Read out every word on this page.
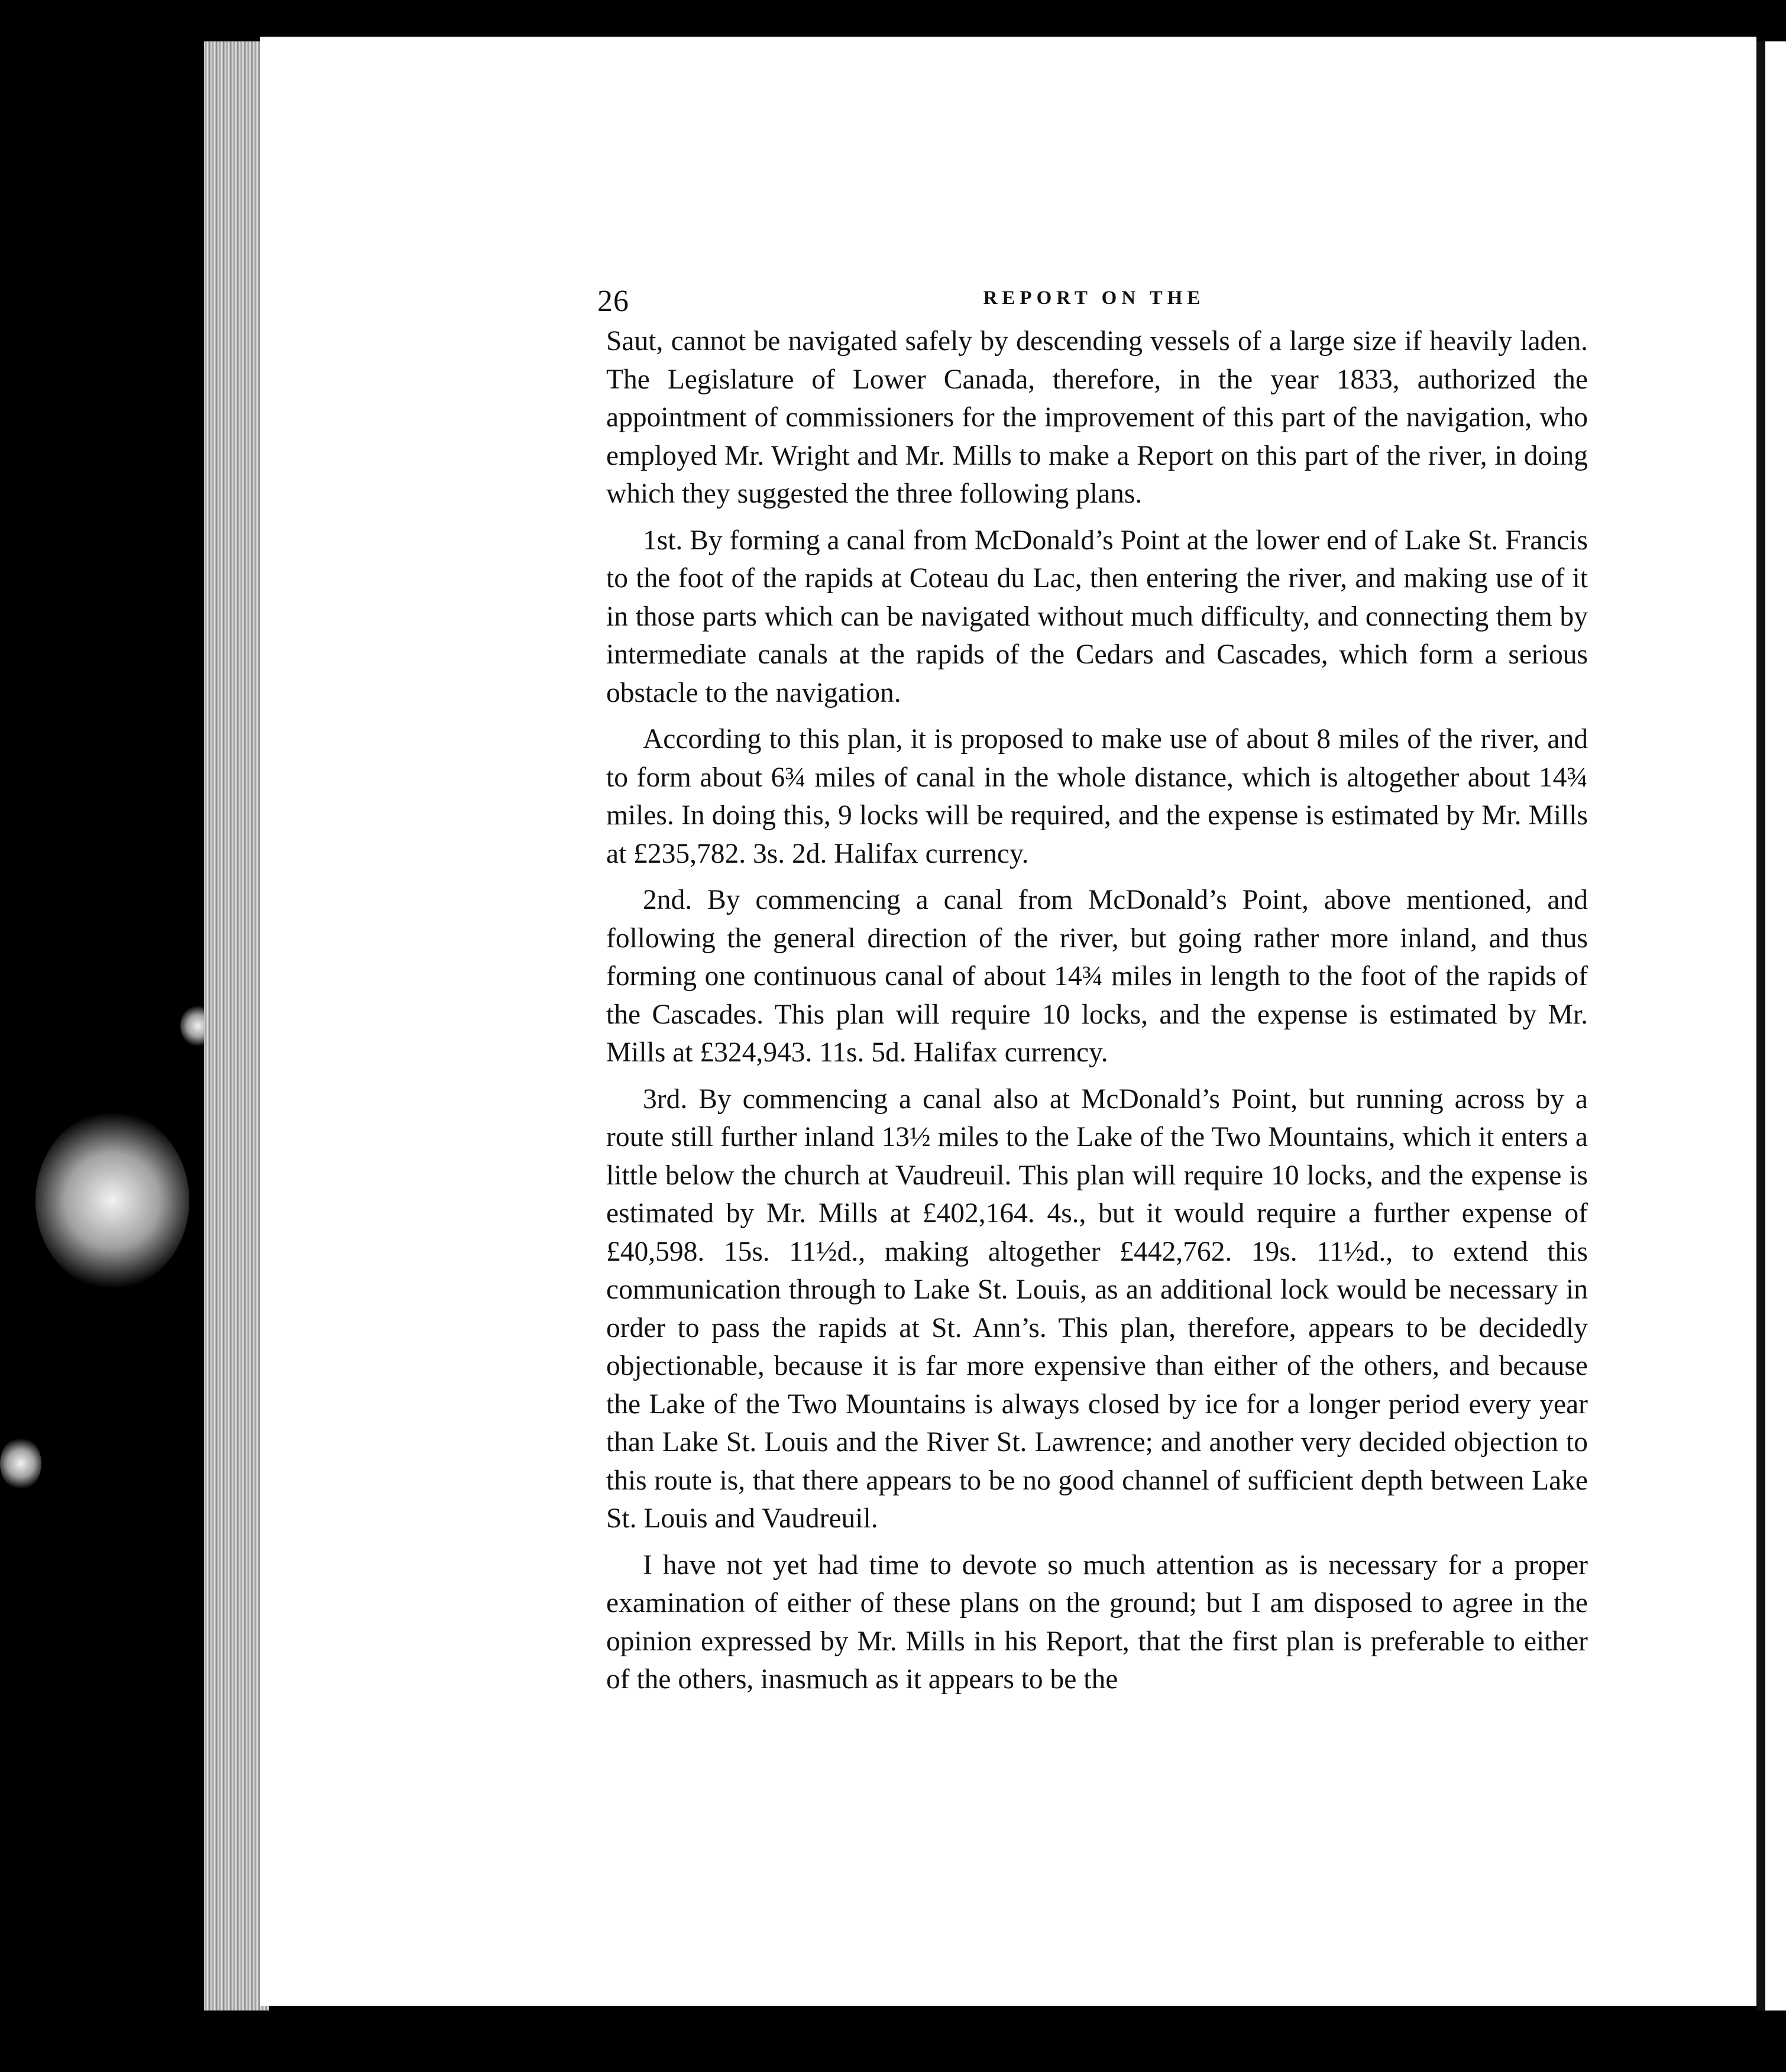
26	REPORT ON THE

Saut, cannot be navigated safely by descending vessels of a large size if heavily laden. The Legislature of Lower Canada, therefore, in the year 1833, authorized the appointment of commissioners for the improvement of this part of the navigation, who employed Mr. Wright and Mr. Mills to make a Report on this part of the river, in doing which they suggested the three following plans.

1st. By forming a canal from McDonald’s Point at the lower end of Lake St. Francis to the foot of the rapids at Coteau du Lac, then entering the river, and making use of it in those parts which can be navigated without much difficulty, and connecting them by intermediate canals at the rapids of the Cedars and Cascades, which form a serious obstacle to the navigation.

According to this plan, it is proposed to make use of about 8 miles of the river, and to form about 6¾ miles of canal in the whole distance, which is altogether about 14¾ miles. In doing this, 9 locks will be required, and the expense is estimated by Mr. Mills at £235,782. 3s. 2d. Halifax currency.

2nd. By commencing a canal from McDonald’s Point, above mentioned, and following the general direction of the river, but going rather more inland, and thus forming one continuous canal of about 14¾ miles in length to the foot of the rapids of the Cascades. This plan will require 10 locks, and the expense is estimated by Mr. Mills at £324,943. 11s. 5d. Halifax currency.

3rd. By commencing a canal also at McDonald’s Point, but running across by a route still further inland 13½ miles to the Lake of the Two Mountains, which it enters a little below the church at Vaudreuil. This plan will require 10 locks, and the expense is estimated by Mr. Mills at £402,164. 4s., but it would require a further expense of £40,598. 15s. 11½d., making altogether £442,762. 19s. 11½d., to extend this communication through to Lake St. Louis, as an additional lock would be necessary in order to pass the rapids at St. Ann’s. This plan, therefore, appears to be decidedly objectionable, because it is far more expensive than either of the others, and because the Lake of the Two Mountains is always closed by ice for a longer period every year than Lake St. Louis and the River St. Lawrence; and another very decided objection to this route is, that there appears to be no good channel of sufficient depth between Lake St. Louis and Vaudreuil.

I have not yet had time to devote so much attention as is necessary for a proper examination of either of these plans on the ground; but I am disposed to agree in the opinion expressed by Mr. Mills in his Report, that the first plan is preferable to either of the others, inasmuch as it appears to be the
